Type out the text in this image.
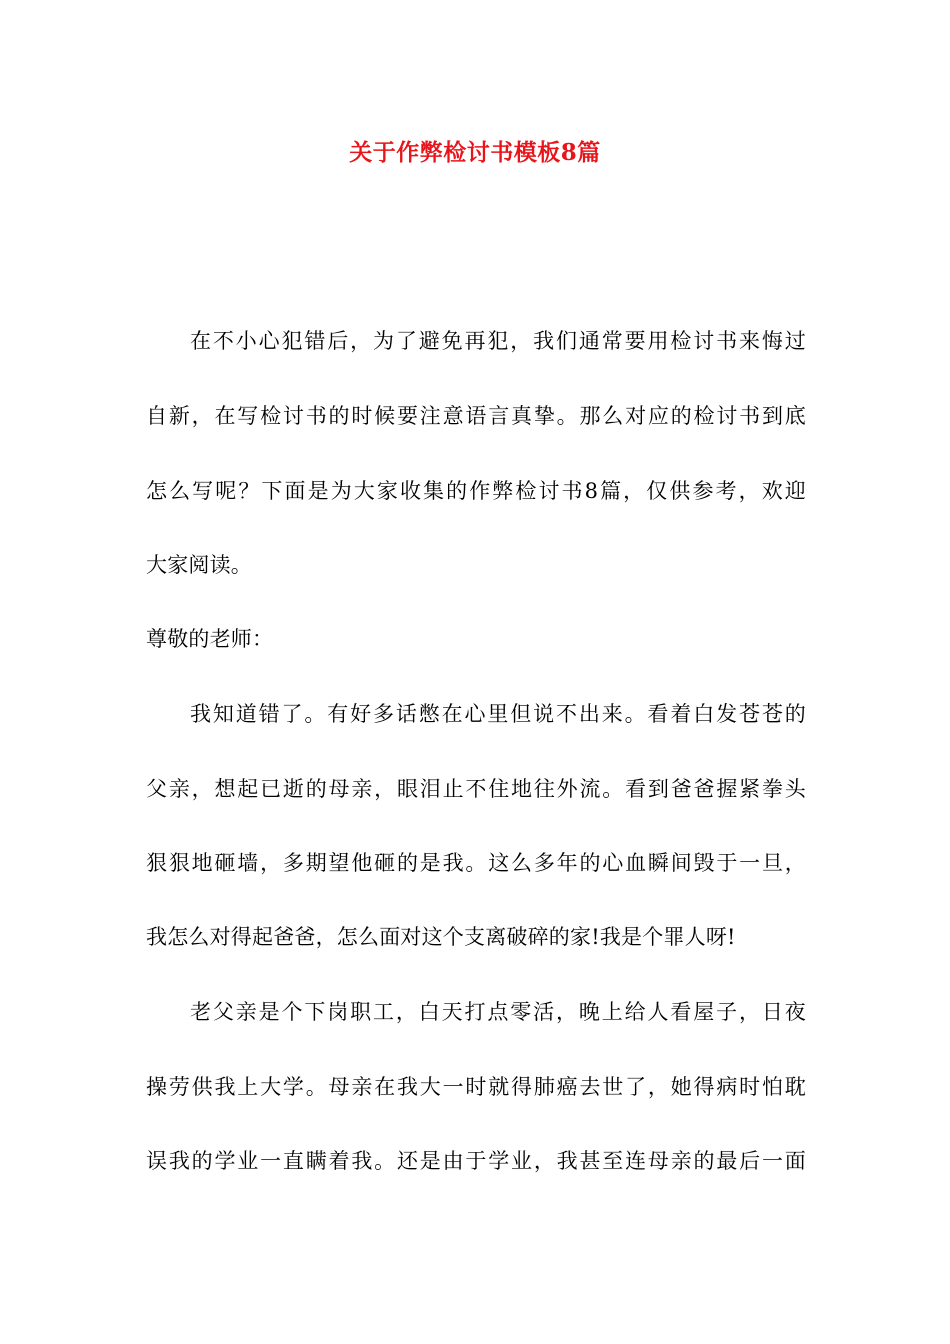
关于作弊检讨书模板8篇
在不小心犯错后，为了避免再犯，我们通常要用检讨书来悔过
自新，在写检讨书的时候要注意语言真挚。那么对应的检讨书到底
怎么写呢？下面是为大家收集的作弊检讨书8篇，仅供参考，欢迎
大家阅读。
尊敬的老师：
我知道错了。有好多话憋在心里但说不出来。看着白发苍苍的
父亲，想起已逝的母亲，眼泪止不住地往外流。看到爸爸握紧拳头
狠狠地砸墙，多期望他砸的是我。这么多年的心血瞬间毁于一旦，
我怎么对得起爸爸，怎么面对这个支离破碎的家!我是个罪人呀!
老父亲是个下岗职工，白天打点零活，晚上给人看屋子，日夜
操劳供我上大学。母亲在我大一时就得肺癌去世了，她得病时怕耽
误我的学业一直瞒着我。还是由于学业，我甚至连母亲的最后一面
